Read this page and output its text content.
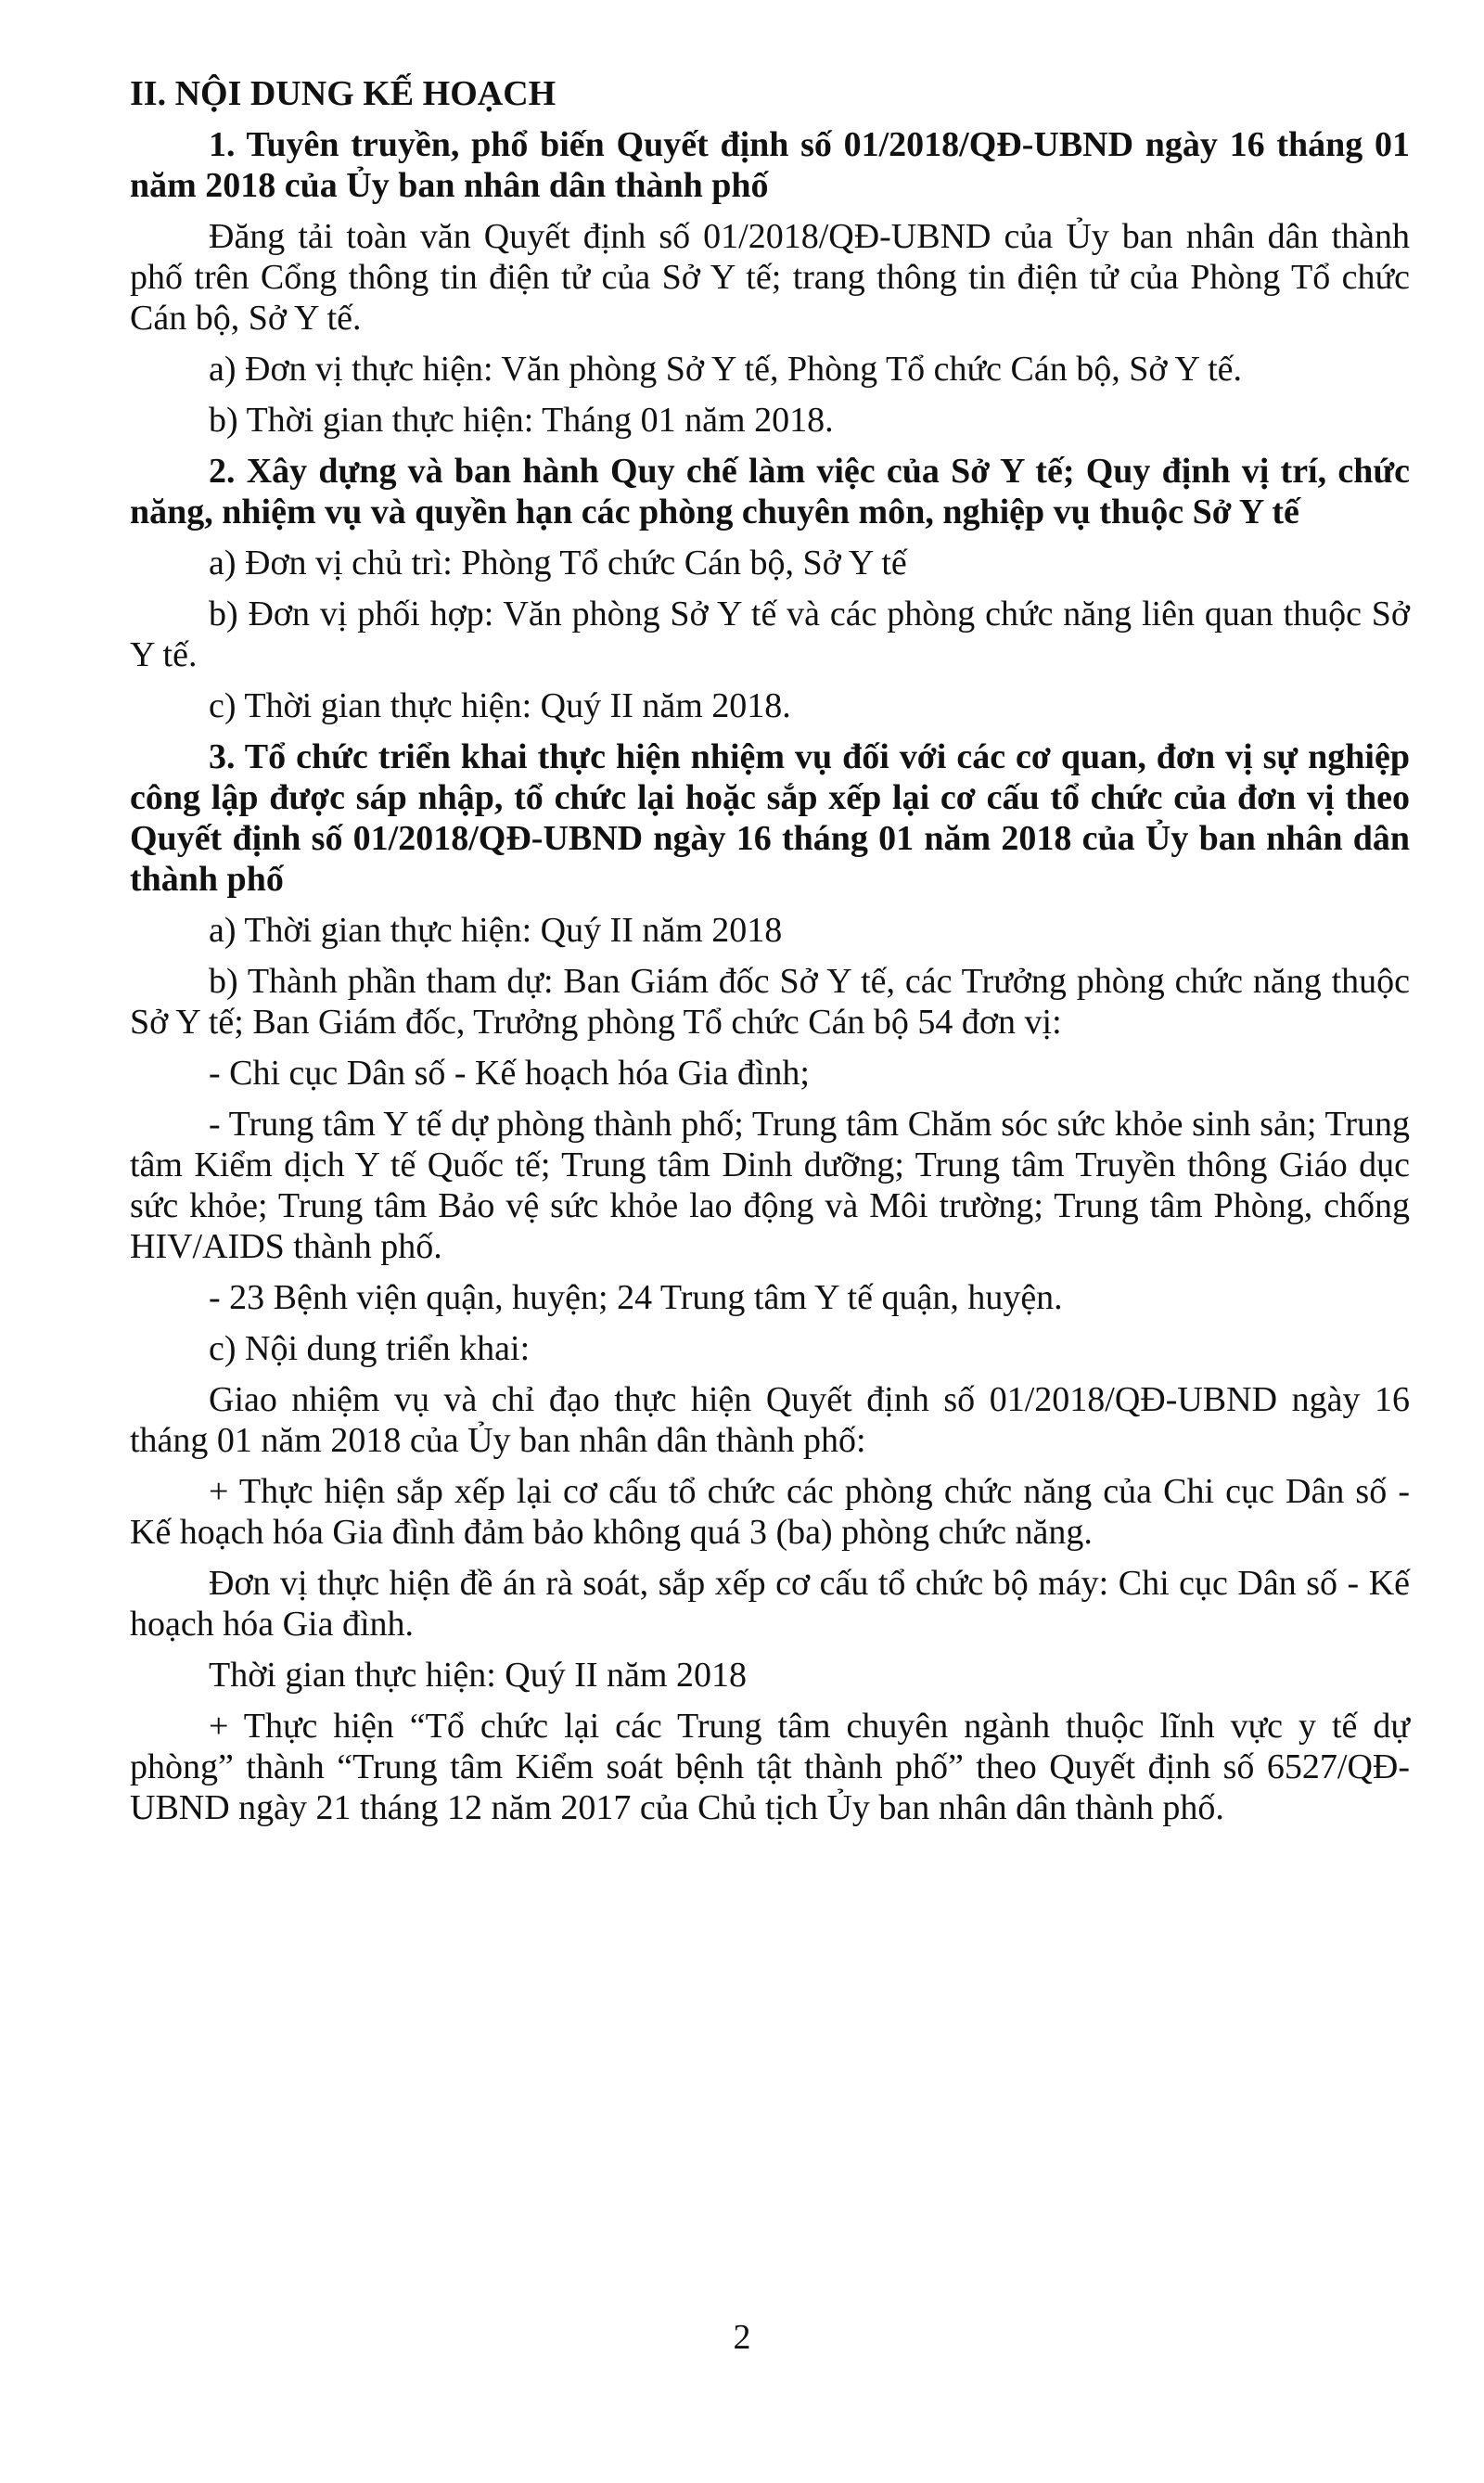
II. NỘI DUNG KẾ HOẠCH

1. Tuyên truyền, phổ biến Quyết định số 01/2018/QĐ-UBND ngày 16 tháng 01 năm 2018 của Ủy ban nhân dân thành phố

Đăng tải toàn văn Quyết định số 01/2018/QĐ-UBND của Ủy ban nhân dân thành phố trên Cổng thông tin điện tử của Sở Y tế; trang thông tin điện tử của Phòng Tổ chức Cán bộ, Sở Y tế.

a) Đơn vị thực hiện: Văn phòng Sở Y tế, Phòng Tổ chức Cán bộ, Sở Y tế.

b) Thời gian thực hiện: Tháng 01 năm 2018.

2. Xây dựng và ban hành Quy chế làm việc của Sở Y tế; Quy định vị trí, chức năng, nhiệm vụ và quyền hạn các phòng chuyên môn, nghiệp vụ thuộc Sở Y tế

a) Đơn vị chủ trì: Phòng Tổ chức Cán bộ, Sở Y tế

b) Đơn vị phối hợp: Văn phòng Sở Y tế và các phòng chức năng liên quan thuộc Sở Y tế.

c) Thời gian thực hiện: Quý II năm 2018.

3. Tổ chức triển khai thực hiện nhiệm vụ đối với các cơ quan, đơn vị sự nghiệp công lập được sáp nhập, tổ chức lại hoặc sắp xếp lại cơ cấu tổ chức của đơn vị theo Quyết định số 01/2018/QĐ-UBND ngày 16 tháng 01 năm 2018 của Ủy ban nhân dân thành phố

a) Thời gian thực hiện: Quý II năm 2018

b) Thành phần tham dự: Ban Giám đốc Sở Y tế, các Trưởng phòng chức năng thuộc Sở Y tế; Ban Giám đốc, Trưởng phòng Tổ chức Cán bộ 54 đơn vị:

- Chi cục Dân số - Kế hoạch hóa Gia đình;

- Trung tâm Y tế dự phòng thành phố; Trung tâm Chăm sóc sức khỏe sinh sản; Trung tâm Kiểm dịch Y tế Quốc tế; Trung tâm Dinh dưỡng; Trung tâm Truyền thông Giáo dục sức khỏe; Trung tâm Bảo vệ sức khỏe lao động và Môi trường; Trung tâm Phòng, chống HIV/AIDS thành phố.

- 23 Bệnh viện quận, huyện; 24 Trung tâm Y tế quận, huyện.

c) Nội dung triển khai:

Giao nhiệm vụ và chỉ đạo thực hiện Quyết định số 01/2018/QĐ-UBND ngày 16 tháng 01 năm 2018 của Ủy ban nhân dân thành phố:

+ Thực hiện sắp xếp lại cơ cấu tổ chức các phòng chức năng của Chi cục Dân số - Kế hoạch hóa Gia đình đảm bảo không quá 3 (ba) phòng chức năng.

Đơn vị thực hiện đề án rà soát, sắp xếp cơ cấu tổ chức bộ máy: Chi cục Dân số - Kế hoạch hóa Gia đình.

Thời gian thực hiện: Quý II năm 2018

+ Thực hiện “Tổ chức lại các Trung tâm chuyên ngành thuộc lĩnh vực y tế dự phòng” thành “Trung tâm Kiểm soát bệnh tật thành phố” theo Quyết định số 6527/QĐ-UBND ngày 21 tháng 12 năm 2017 của Chủ tịch Ủy ban nhân dân thành phố.

2
